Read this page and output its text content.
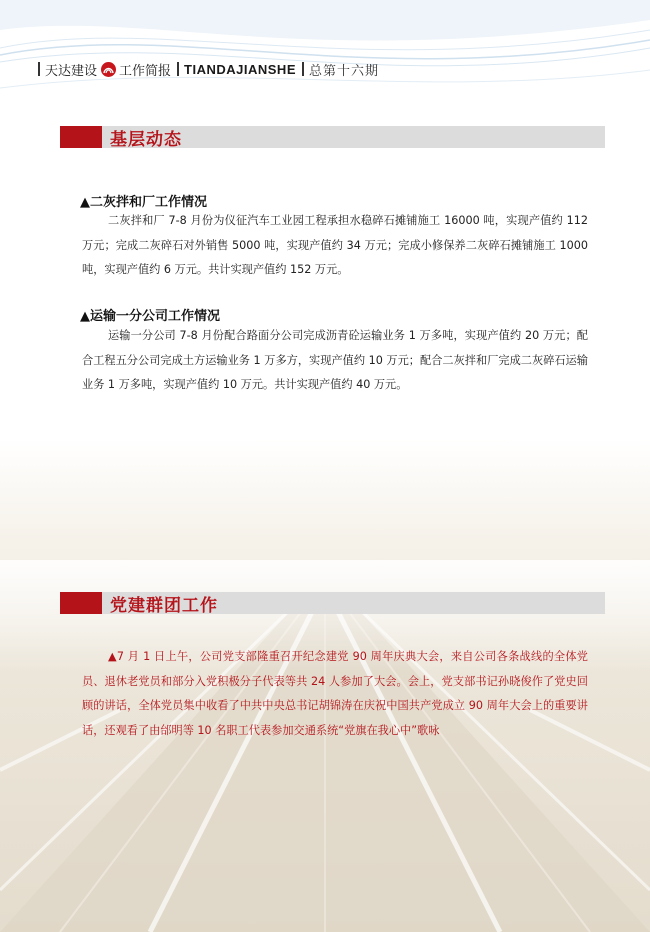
天达建设 工作简报 TIANDAJIANSHE 总第十六期
基层动态
▲二灰拌和厂工作情况
二灰拌和厂 7-8 月份为仪征汽车工业园工程承担水稳碎石摊铺施工 16000 吨，实现产值约 112 万元；完成二灰碎石对外销售 5000 吨，实现产值约 34 万元；完成小修保养二灰碎石摊铺施工 1000 吨，实现产值约 6 万元。共计实现产值约 152 万元。
▲运输一分公司工作情况
运输一分公司 7-8 月份配合路面分公司完成沥青砼运输业务 1 万多吨，实现产值约 20 万元；配合工程五分公司完成土方运输业务 1 万多方，实现产值约 10 万元；配合二灰拌和厂完成二灰碎石运输业务 1 万多吨，实现产值约 10 万元。共计实现产值约 40 万元。
党建群团工作
▲7 月 1 日上午，公司党支部隆重召开纪念建党 90 周年庆典大会，来自公司各条战线的全体党员、退休老党员和部分入党积极分子代表等共 24 人参加了大会。会上，党支部书记孙晓俊作了党史回顾的讲话，全体党员集中收看了中共中央总书记胡锦涛在庆祝中国共产党成立 90 周年大会上的重要讲话，还观看了由邰明等 10 名职工代表参加交通系统“党旗在我心中”歌咏
